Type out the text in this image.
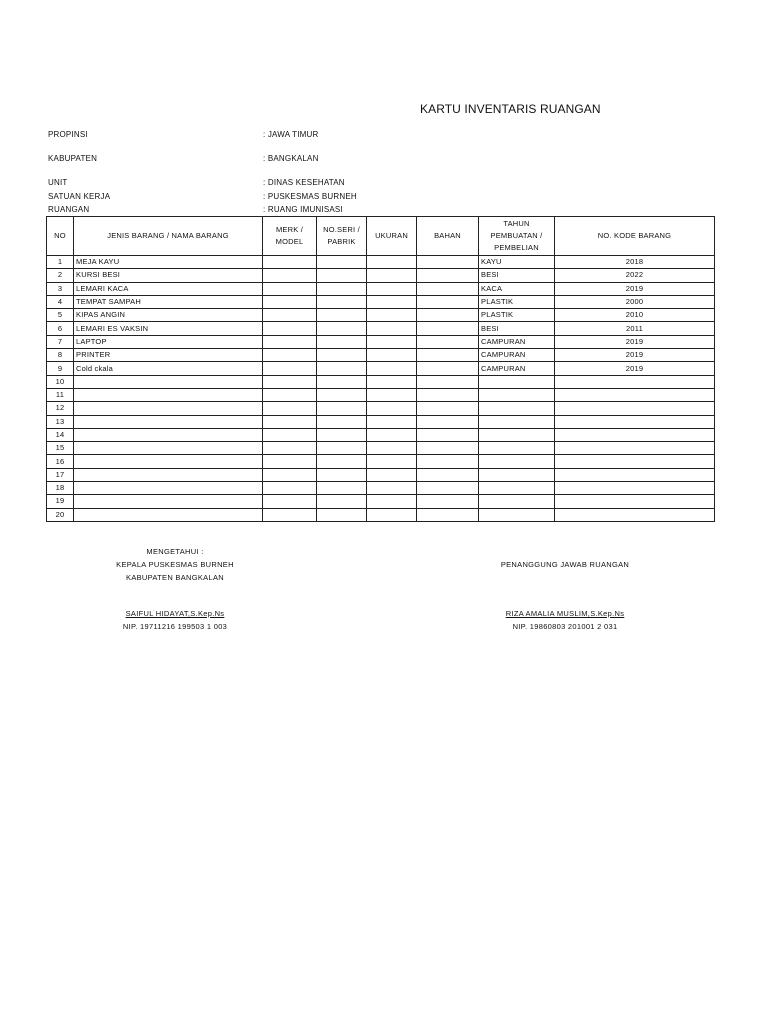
KARTU INVENTARIS RUANGAN
PROPINSI	: JAWA TIMUR
KABUPATEN	: BANGKALAN
UNIT	: DINAS KESEHATAN
SATUAN KERJA	: PUSKESMAS BURNEH
RUANGAN	: RUANG IMUNISASI
NO	JENIS BARANG / NAMA BARANG	MERK / MODEL	NO.SERI / PABRIK	UKURAN	BAHAN	TAHUN PEMBUATAN / PEMBELIAN	NO. KODE BARANG
1	MEJA KAYU					KAYU	2018
2	KURSI BESI					BESI	2022
3	LEMARI KACA					KACA	2019
4	TEMPAT SAMPAH					PLASTIK	2000
5	KIPAS ANGIN					PLASTIK	2010
6	LEMARI ES VAKSIN					BESI	2011
7	LAPTOP					CAMPURAN	2019
8	PRINTER					CAMPURAN	2019
9	Cold ckala					CAMPURAN	2019
10							
11							
12							
13							
14							
15							
16							
17							
18							
19							
20							
MENGETAHUI :
KEPALA PUSKESMAS BURNEH
KABUPATEN BANGKALAN
SAIFUL HIDAYAT,S.Kep.Ns
NIP. 19711216 199503 1 003
PENANGGUNG JAWAB RUANGAN
RIZA AMALIA MUSLIM,S.Kep.Ns
NIP. 19860803 201001 2 031
